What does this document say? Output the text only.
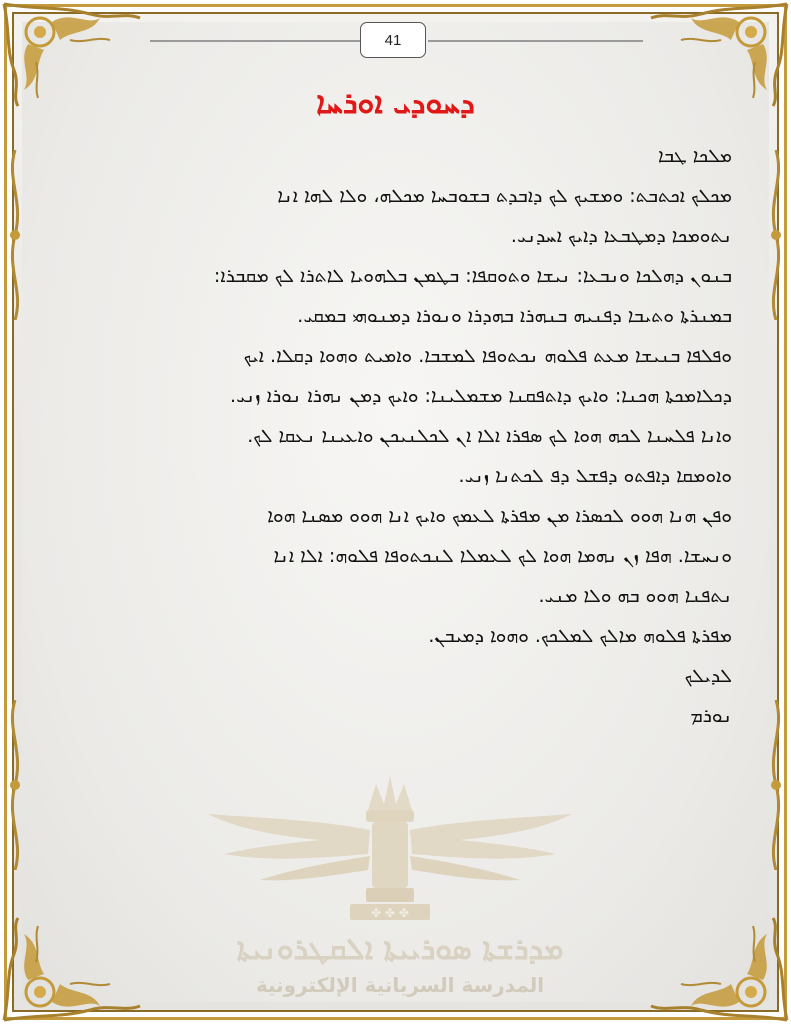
41
ܕܚܘܕܝ ܐܘܪܚܐ
ܡܠܟܐ ܛܒܐ
ܡܟܠܟ ܐܟܬܒܬ: ܘܡܫܝܟ ܠܟ ܕܐܒܕܬ ܒܫܘܒܚܐ ܡܟܠܗ، ܘܠܐ ܠܗܐ ܐܢܐ
ܢܬܘܡܟܐ ܕܡܛܒܥܐ ܕܐܝܟ ܐܚܕܢܝ.
ܒܢܘܢ ܕܗܠܟܐ ܘܢܒܥܐ: ܢܝܫܐ ܘܬܘܩܦܐ: ܒܛܡܢ ܒܠܗܘܝܐ ܠܐܬܪܐ ܠܟ ܡܩܒܪܐ:
ܒܡܢܪܬܐ ܘܬܝܒܐ ܕܦܢܝܗ ܒܢܗܪܐ ܒܗܕܪܐ ܘܢܘܪܐ ܕܡܢܘܗܝ ܒܡܩܝ.
ܘܦܠܦܐ ܒܢܝܫܐ ܡܥܬ ܦܠܘܗ ܢܟܬܘܦܐ ܠܡܫܒܐ. ܘܐܡܝܬ ܘܗܘܐ ܕܩܠܐ. ܐܝܟ
ܕܟܠܐܡܟܬܐ ܗܟܢܐ: ܘܐܝܟ ܕܐܬܦܩܢܐ ܡܫܡܠܝܢܐ: ܘܐܝܟ ܕܡܢ ܢܗܪܐ ܢܘܪܐ ܙܢܝ.
ܘܐܢܐ ܦܠܚܢܐ ܠܟܗ ܗܘܐ ܠܟ ܣܦܪܐ ܐܠܐ ܐܢ ܠܟܠܢܝܟܢ ܘܐܥܝܢܐ ܢܥܩܐ ܠܟ.
ܘܐܘܡܩܐ ܕܐܦܬܘ ܕܦܫܠ ܕܦ ܠܟܬܢܐ ܙܢܝ.
ܘܦܢ ܗܢܐ ܗܘܘ ܠܟܣܪܐ ܡܢ ܡܦܪܬܐ ܠܥܡܟ ܘܐܝܟ ܐܢܐ ܗܘܘ ܡܣܢܐ ܗܘܐ
ܘܢܚܫܐ. ܗܦܐ ܙܢ ܢܗܡܐ ܗܘܐ ܠܟ ܠܥܡܠܐ ܠܢܟܬܘܦܐ ܦܠܘܗ: ܐܠܐ ܐܢܐ
ܢܬܦܢܐ ܗܘܘ ܒܗ ܘܠܐ ܡܢܝ.
ܡܦܪܬܐ ܦܠܘܗ ܡܐܠܟ ܠܡܠܟܟ. ܘܗܘܐ ܕܡܝܒܢ.
ܠܕܝܠܟ
ܢܘܪܡ
✤ ✤ ✤
ܡܕܪܫܬܐ ܣܘܪܝܝܬܐ ܐܠܩܛܪܘܢܝܬܐ
المدرسة السريانية الإلكترونية
